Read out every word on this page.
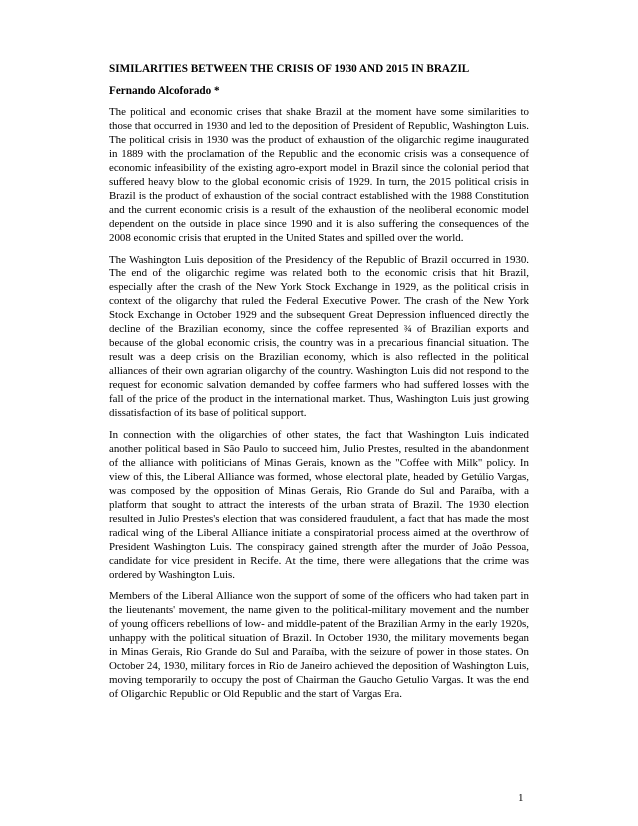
SIMILARITIES BETWEEN THE CRISIS OF 1930 AND 2015 IN BRAZIL
Fernando Alcoforado *

The political and economic crises that shake Brazil at the moment have some similarities to those that occurred in 1930 and led to the deposition of President of Republic, Washington Luis. The political crisis in 1930 was the product of exhaustion of the oligarchic regime inaugurated in 1889 with the proclamation of the Republic and the economic crisis was a consequence of economic infeasibility of the existing agro-export model in Brazil since the colonial period that suffered heavy blow to the global economic crisis of 1929. In turn, the 2015 political crisis in Brazil is the product of exhaustion of the social contract established with the 1988 Constitution and the current economic crisis is a result of the exhaustion of the neoliberal economic model dependent on the outside in place since 1990 and it is also suffering the consequences of the 2008 economic crisis that erupted in the United States and spilled over the world.

The Washington Luis deposition of the Presidency of the Republic of Brazil occurred in 1930. The end of the oligarchic regime was related both to the economic crisis that hit Brazil, especially after the crash of the New York Stock Exchange in 1929, as the political crisis in context of the oligarchy that ruled the Federal Executive Power. The crash of the New York Stock Exchange in October 1929 and the subsequent Great Depression influenced directly the decline of the Brazilian economy, since the coffee represented ¾ of Brazilian exports and because of the global economic crisis, the country was in a precarious financial situation. The result was a deep crisis on the Brazilian economy, which is also reflected in the political alliances of their own agrarian oligarchy of the country. Washington Luis did not respond to the request for economic salvation demanded by coffee farmers who had suffered losses with the fall of the price of the product in the international market. Thus, Washington Luis just growing dissatisfaction of its base of political support.

In connection with the oligarchies of other states, the fact that Washington Luis indicated another political based in São Paulo to succeed him, Julio Prestes, resulted in the abandonment of the alliance with politicians of Minas Gerais, known as the "Coffee with Milk" policy. In view of this, the Liberal Alliance was formed, whose electoral plate, headed by Getúlio Vargas, was composed by the opposition of Minas Gerais, Rio Grande do Sul and Paraíba, with a platform that sought to attract the interests of the urban strata of Brazil. The 1930 election resulted in Julio Prestes's election that was considered fraudulent, a fact that has made the most radical wing of the Liberal Alliance initiate a conspiratorial process aimed at the overthrow of President Washington Luis. The conspiracy gained strength after the murder of João Pessoa, candidate for vice president in Recife. At the time, there were allegations that the crime was ordered by Washington Luis.

Members of the Liberal Alliance won the support of some of the officers who had taken part in the lieutenants' movement, the name given to the political-military movement and the number of young officers rebellions of low- and middle-patent of the Brazilian Army in the early 1920s, unhappy with the political situation of Brazil. In October 1930, the military movements began in Minas Gerais, Rio Grande do Sul and Paraíba, with the seizure of power in those states. On October 24, 1930, military forces in Rio de Janeiro achieved the deposition of Washington Luis, moving temporarily to occupy the post of Chairman the Gaucho Getulio Vargas. It was the end of Oligarchic Republic or Old Republic and the start of Vargas Era.

1
